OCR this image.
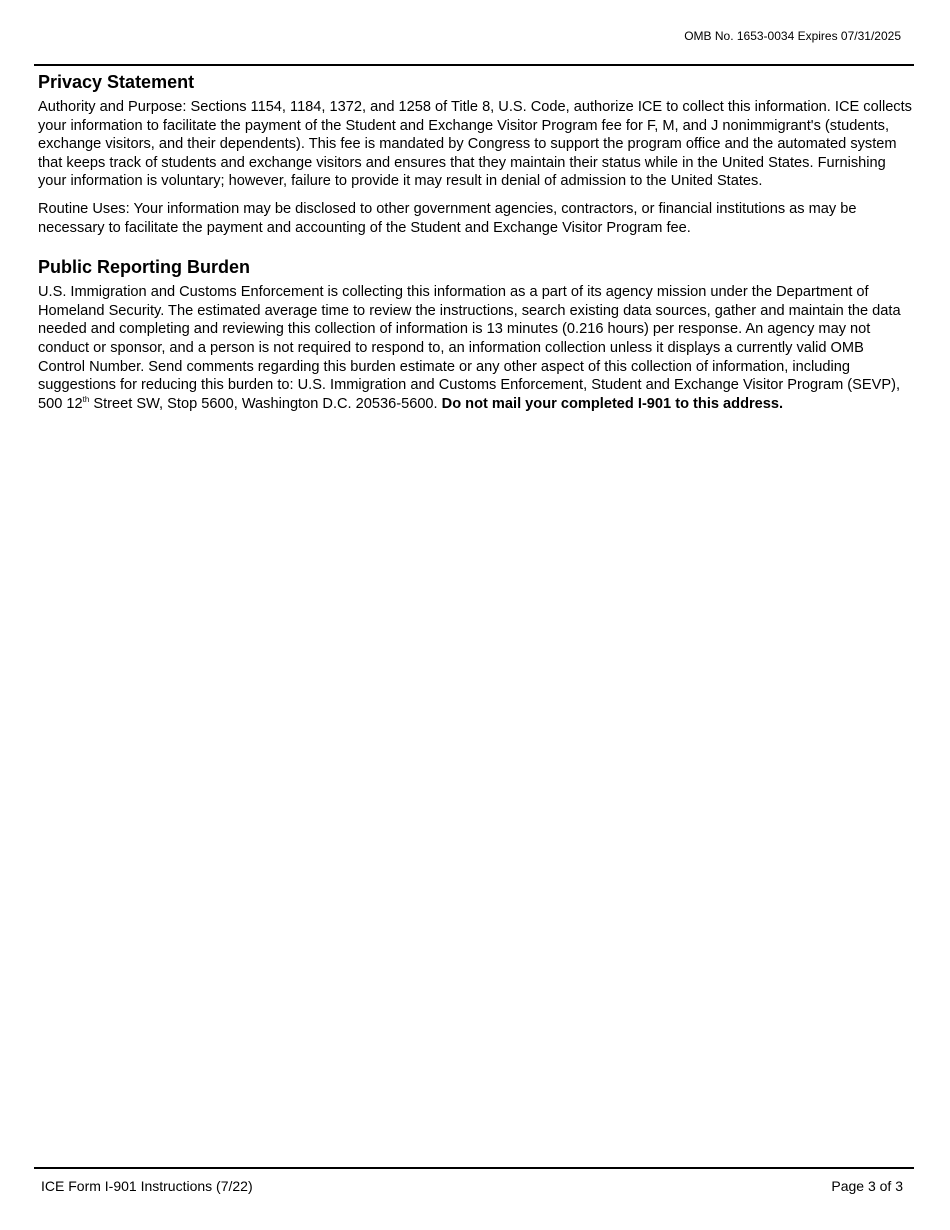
OMB No. 1653-0034 Expires 07/31/2025
Privacy Statement

Authority and Purpose: Sections 1154, 1184, 1372, and 1258 of Title 8, U.S. Code, authorize ICE to collect this information. ICE collects your information to facilitate the payment of the Student and Exchange Visitor Program fee for F, M, and J nonimmigrant's (students, exchange visitors, and their dependents). This fee is mandated by Congress to support the program office and the automated system that keeps track of students and exchange visitors and ensures that they maintain their status while in the United States. Furnishing your information is voluntary; however, failure to provide it may result in denial of admission to the United States.

Routine Uses: Your information may be disclosed to other government agencies, contractors, or financial institutions as may be necessary to facilitate the payment and accounting of the Student and Exchange Visitor Program fee.

Public Reporting Burden

U.S. Immigration and Customs Enforcement is collecting this information as a part of its agency mission under the Department of Homeland Security. The estimated average time to review the instructions, search existing data sources, gather and maintain the data needed and completing and reviewing this collection of information is 13 minutes (0.216 hours) per response. An agency may not conduct or sponsor, and a person is not required to respond to, an information collection unless it displays a currently valid OMB Control Number. Send comments regarding this burden estimate or any other aspect of this collection of information, including suggestions for reducing this burden to: U.S. Immigration and Customs Enforcement, Student and Exchange Visitor Program (SEVP), 500 12th Street SW, Stop 5600, Washington D.C. 20536-5600. Do not mail your completed I-901 to this address.

ICE Form I-901 Instructions (7/22)	Page 3 of 3
